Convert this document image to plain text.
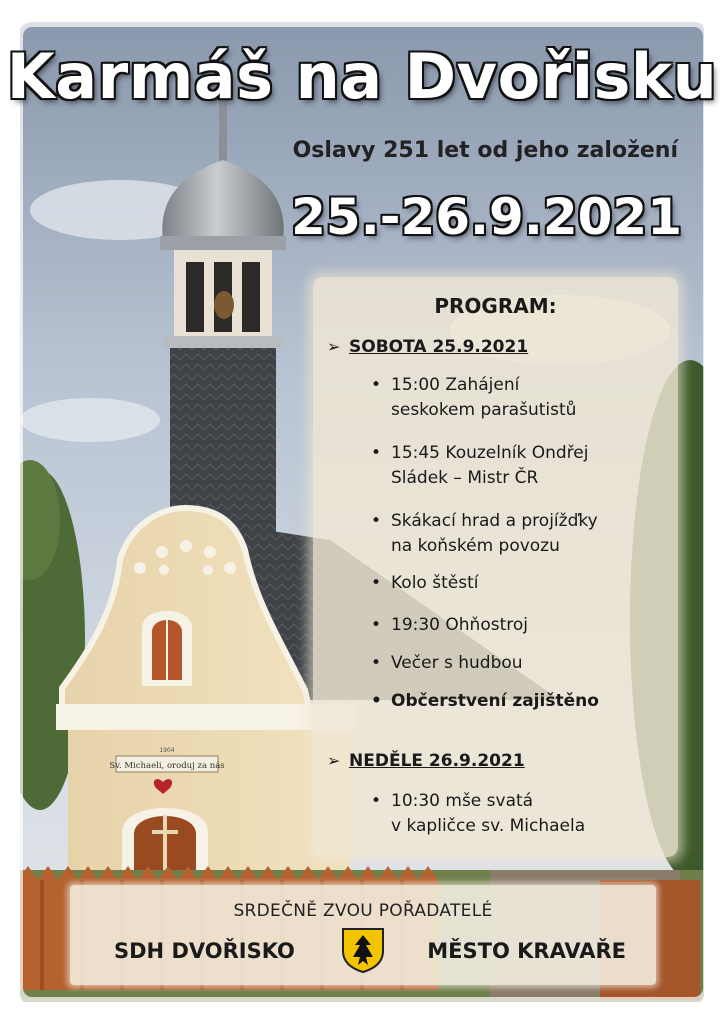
Sv. Michaeli, oroduj za nás
1904
Karmáš na Dvořisku
Oslavy 251 let od jeho založení
25.-26.9.2021
PROGRAM:
➢ SOBOTA 25.9.2021
• 15:00 Zahájení
seskokem parašutistů
• 15:45 Kouzelník Ondřej
Sládek – Mistr ČR
• Skákací hrad a projížďky
na koňském povozu
• Kolo štěstí
• 19:30 Ohňostroj
• Večer s hudbou
• Občerstvení zajištěno
➢ NEDĚLE 26.9.2021
• 10:30 mše svatá
v kapličce sv. Michaela
SRDEČNĚ ZVOU POŘADATELÉ
SDH DVOŘISKO	MĚSTO KRAVAŘE
